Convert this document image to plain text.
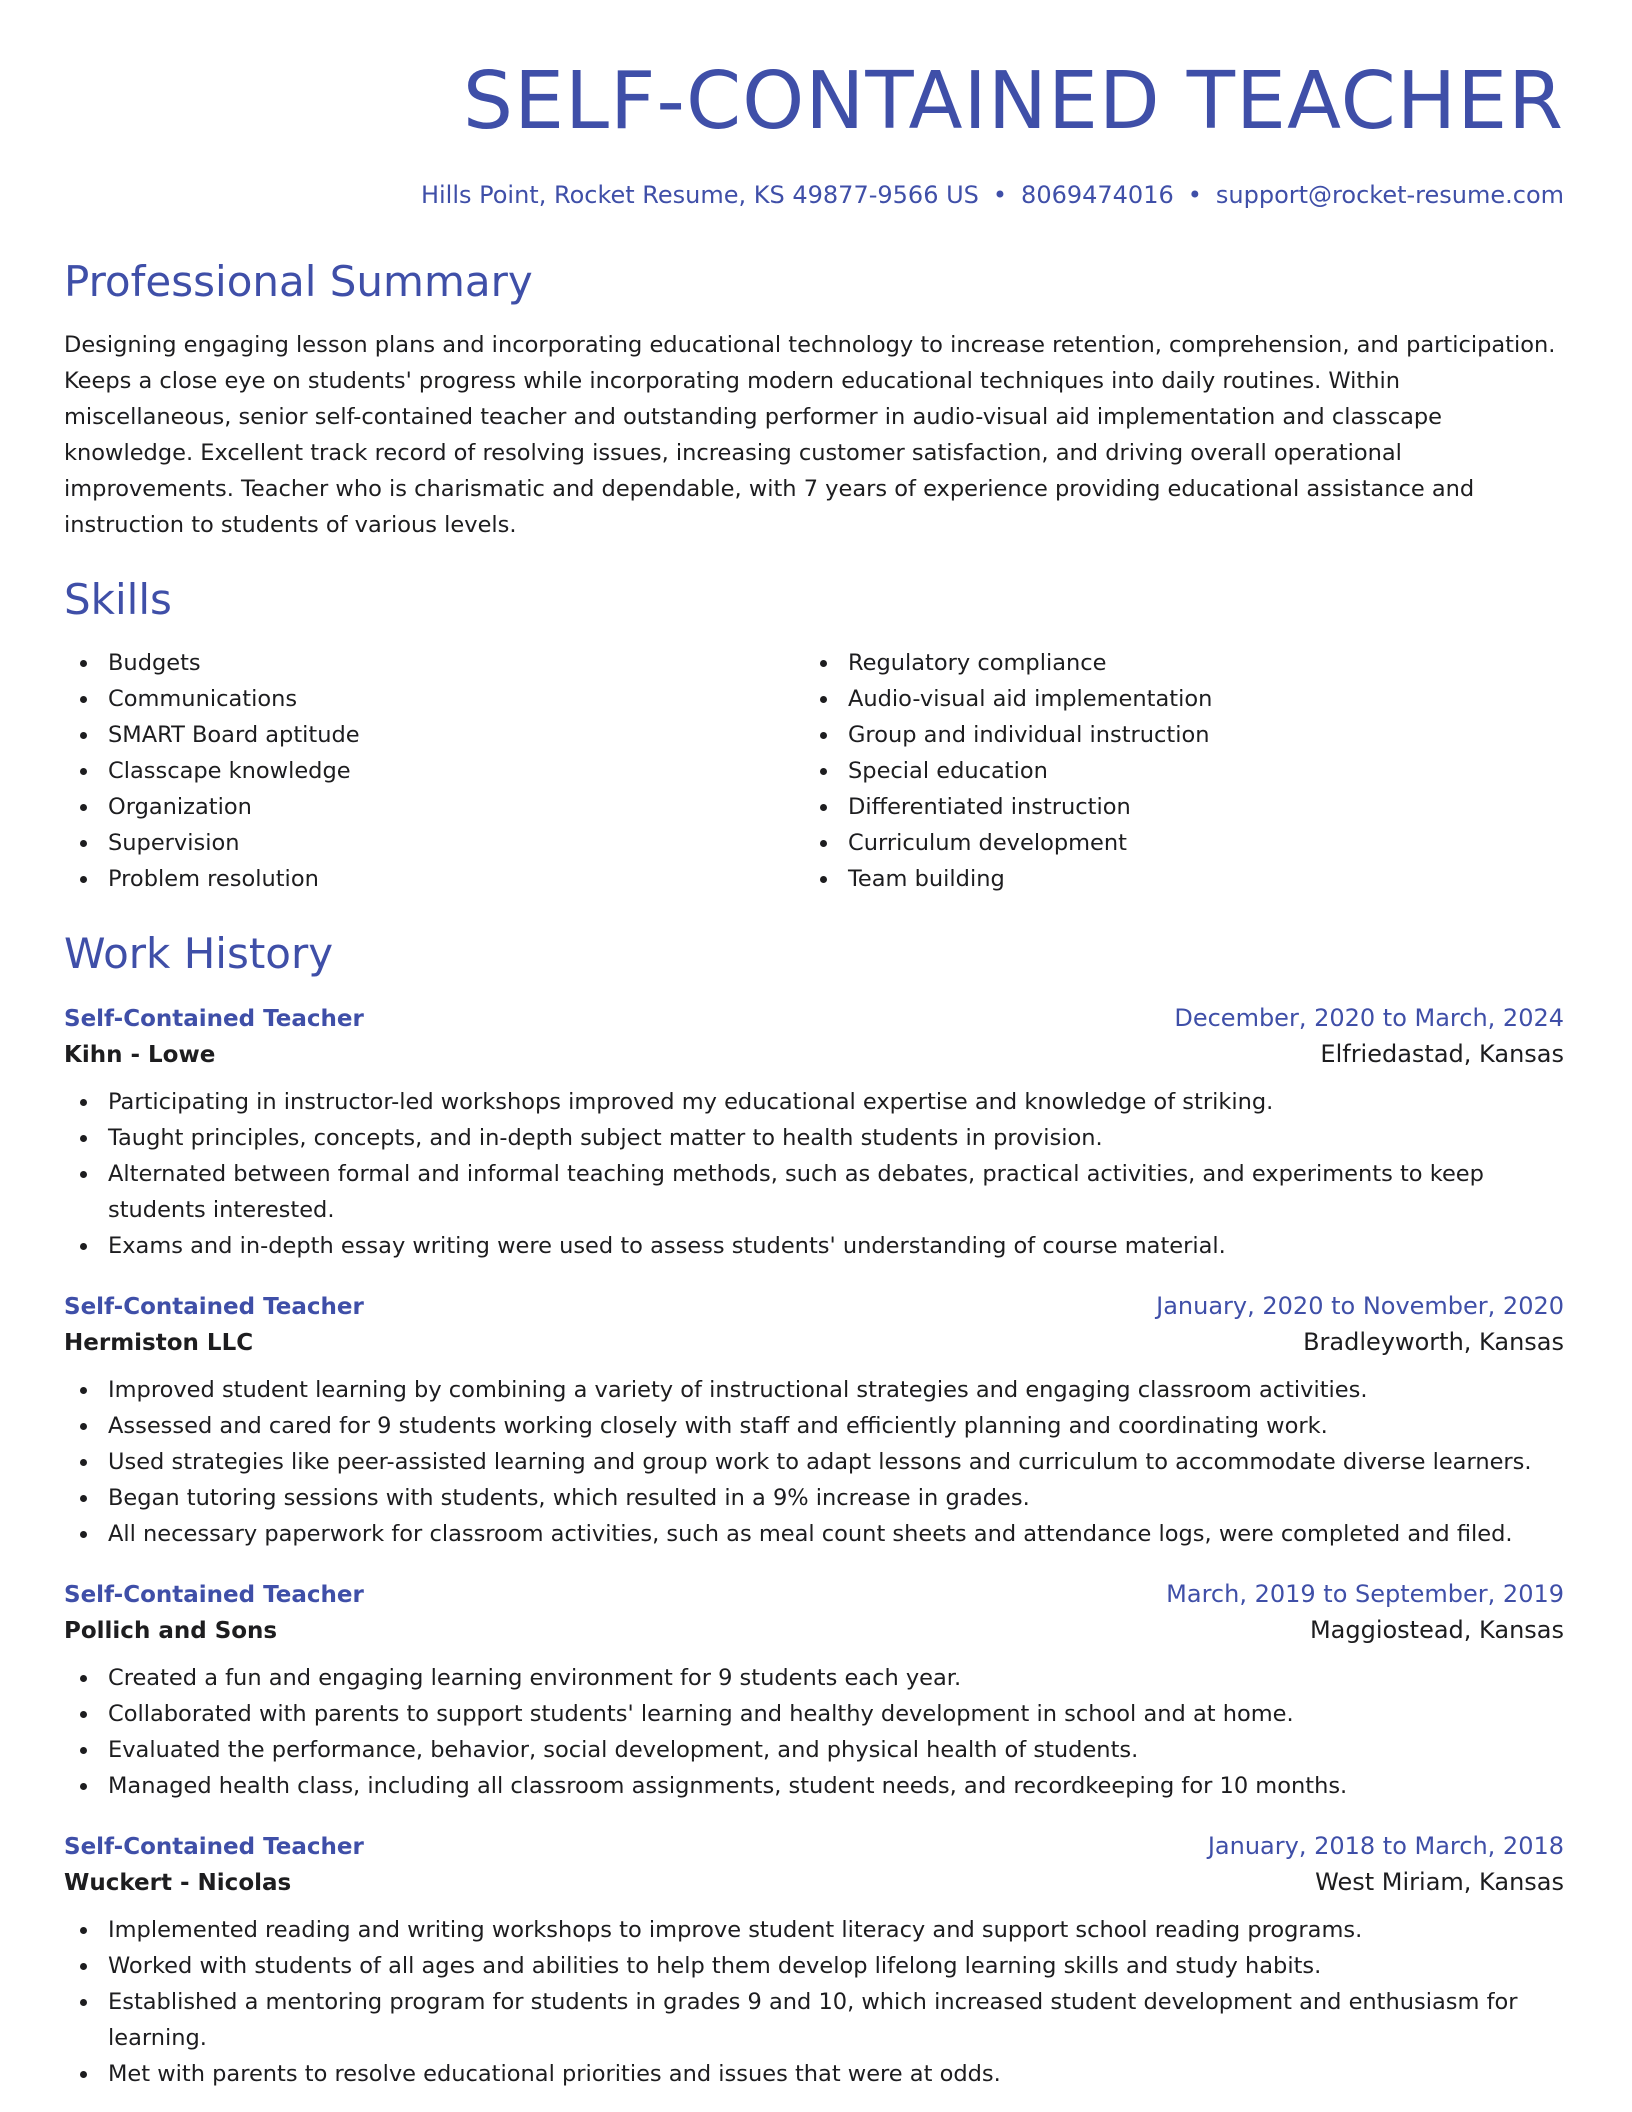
SELF-CONTAINED TEACHER
Hills Point, Rocket Resume, KS 49877-9566 US • 8069474016 • support@rocket-resume.com
Professional Summary
Designing engaging lesson plans and incorporating educational technology to increase retention, comprehension, and participation. Keeps a close eye on students' progress while incorporating modern educational techniques into daily routines. Within miscellaneous, senior self-contained teacher and outstanding performer in audio-visual aid implementation and classcape knowledge. Excellent track record of resolving issues, increasing customer satisfaction, and driving overall operational improvements. Teacher who is charismatic and dependable, with 7 years of experience providing educational assistance and instruction to students of various levels.
Skills
Budgets
Communications
SMART Board aptitude
Classcape knowledge
Organization
Supervision
Problem resolution
Regulatory compliance
Audio-visual aid implementation
Group and individual instruction
Special education
Differentiated instruction
Curriculum development
Team building
Work History
Self-Contained Teacher	December, 2020 to March, 2024
Kihn - Lowe	Elfriedastad, Kansas
Participating in instructor-led workshops improved my educational expertise and knowledge of striking.
Taught principles, concepts, and in-depth subject matter to health students in provision.
Alternated between formal and informal teaching methods, such as debates, practical activities, and experiments to keep students interested.
Exams and in-depth essay writing were used to assess students' understanding of course material.
Self-Contained Teacher	January, 2020 to November, 2020
Hermiston LLC	Bradleyworth, Kansas
Improved student learning by combining a variety of instructional strategies and engaging classroom activities.
Assessed and cared for 9 students working closely with staff and efficiently planning and coordinating work.
Used strategies like peer-assisted learning and group work to adapt lessons and curriculum to accommodate diverse learners.
Began tutoring sessions with students, which resulted in a 9% increase in grades.
All necessary paperwork for classroom activities, such as meal count sheets and attendance logs, were completed and filed.
Self-Contained Teacher	March, 2019 to September, 2019
Pollich and Sons	Maggiostead, Kansas
Created a fun and engaging learning environment for 9 students each year.
Collaborated with parents to support students' learning and healthy development in school and at home.
Evaluated the performance, behavior, social development, and physical health of students.
Managed health class, including all classroom assignments, student needs, and recordkeeping for 10 months.
Self-Contained Teacher	January, 2018 to March, 2018
Wuckert - Nicolas	West Miriam, Kansas
Implemented reading and writing workshops to improve student literacy and support school reading programs.
Worked with students of all ages and abilities to help them develop lifelong learning skills and study habits.
Established a mentoring program for students in grades 9 and 10, which increased student development and enthusiasm for learning.
Met with parents to resolve educational priorities and issues that were at odds.
